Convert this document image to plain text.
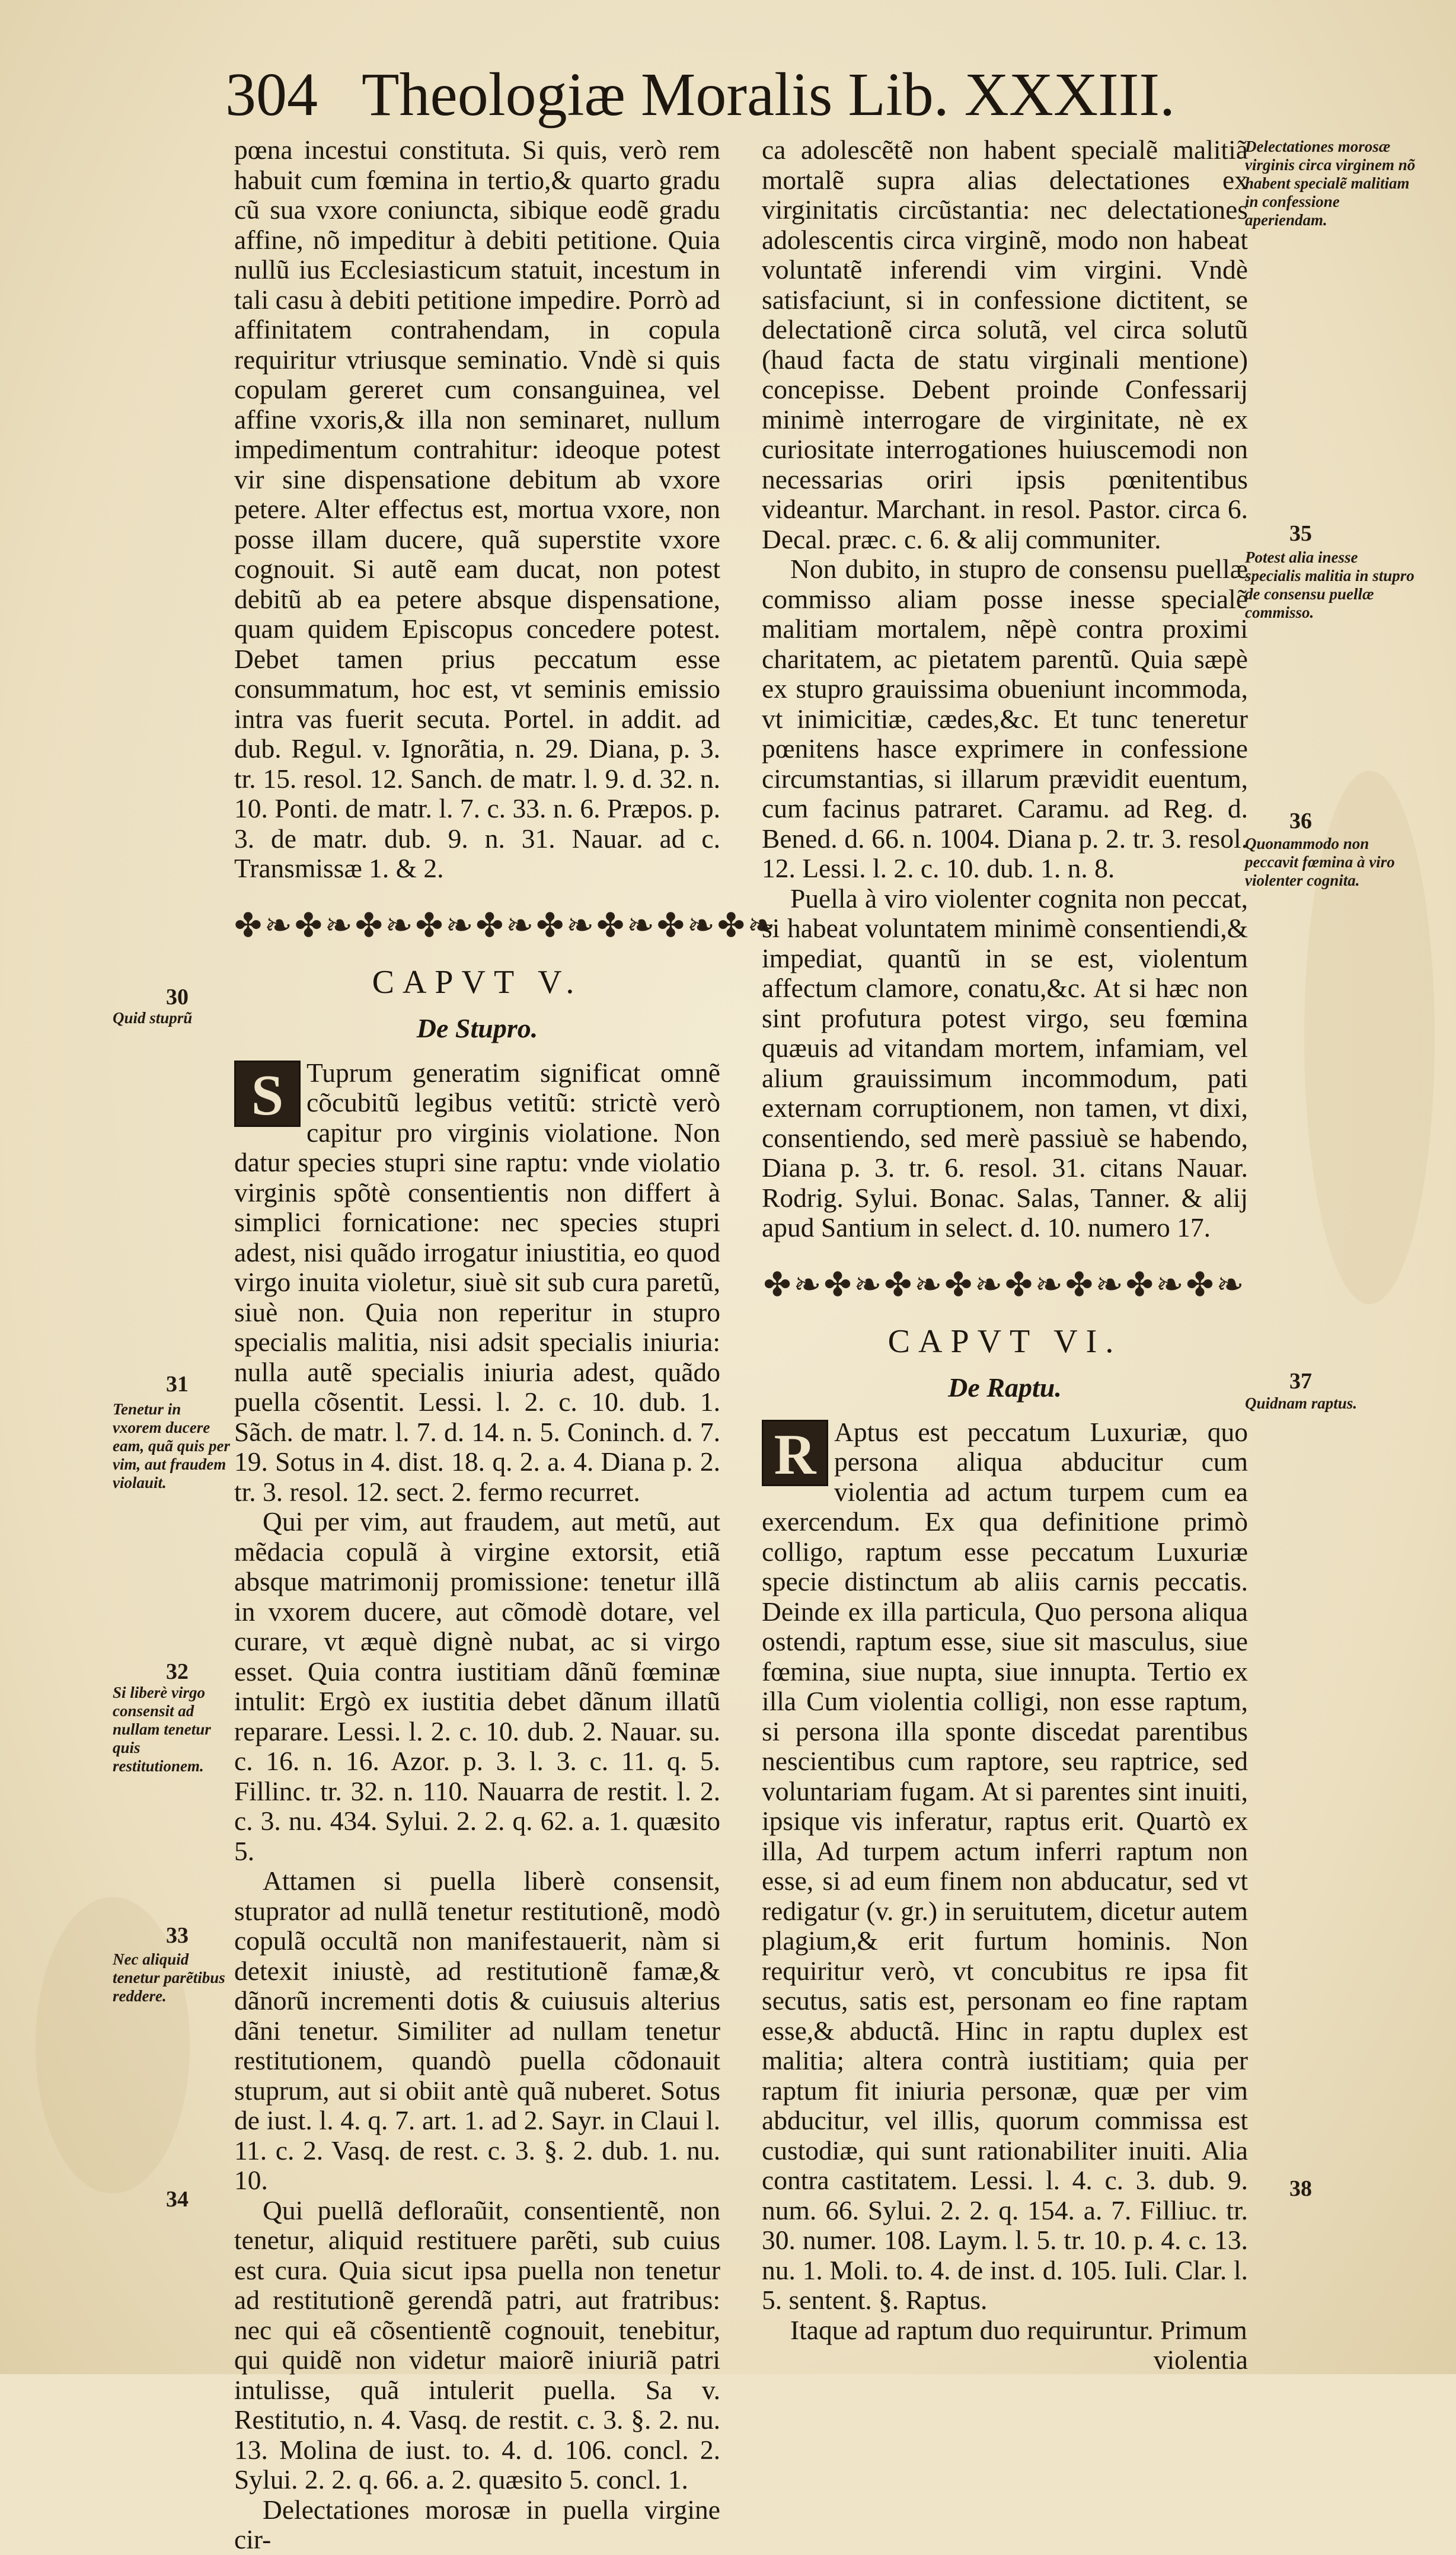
304 Theologiæ Moralis Lib. XXXIII.

pœna incestui constituta. Si quis, verò rem habuit cum fœmina in tertio,& quarto gradu cũ sua vxore coniuncta, sibique eodẽ gradu affine, nõ impeditur à debiti petitione. Quia nullũ ius Ecclesiasticum statuit, incestum in tali casu à debiti petitione impedire. Porrò ad affinitatem contrahendam, in copula requiritur vtriusque seminatio. Vndè si quis copulam gereret cum consanguinea, vel affine vxoris,& illa non seminaret, nullum impedimentum contrahitur: ideoque potest vir sine dispensatione debitum ab vxore petere. Alter effectus est, mortua vxore, non posse illam ducere, quã superstite vxore cognouit. Si autẽ eam ducat, non potest debitũ ab ea petere absque dispensatione, quam quidem Episcopus concedere potest. Debet tamen prius peccatum esse consummatum, hoc est, vt seminis emissio intra vas fuerit secuta. Portel. in addit. ad dub. Regul. v. Ignorãtia, n. 29. Diana, p. 3. tr. 15. resol. 12. Sanch. de matr. l. 9. d. 32. n. 10. Ponti. de matr. l. 7. c. 33. n. 6. Præpos. p. 3. de matr. dub. 9. n. 31. Nauar. ad c. Transmissæ 1. & 2.

✤❧✤❧✤❧✤❧✤❧✤❧✤❧✤❧✤❧
CAPVT V.
De Stupro.

S Tuprum generatim significat omnẽ cõcubitũ legibus vetitũ: strictè verò capitur pro virginis violatione. Non datur species stupri sine raptu: vnde violatio virginis spõtè consentientis non differt à simplici fornicatione: nec species stupri adest, nisi quãdo irrogatur iniustitia, eo quod virgo inuita violetur, siuè sit sub cura paretũ, siuè non. Quia non reperitur in stupro specialis malitia, nisi adsit specialis iniuria: nulla autẽ specialis iniuria adest, quãdo puella cõsentit. Lessi. l. 2. c. 10. dub. 1. Sãch. de matr. l. 7. d. 14. n. 5. Coninch. d. 7. 19. Sotus in 4. dist. 18. q. 2. a. 4. Diana p. 2. tr. 3. resol. 12. sect. 2. fermo recurret.

Qui per vim, aut fraudem, aut metũ, aut mẽdacia copulã à virgine extorsit, etiã absque matrimonij promissione: tenetur illã in vxorem ducere, aut cõmodè dotare, vel curare, vt æquè dignè nubat, ac si virgo esset. Quia contra iustitiam dãnũ fœminæ intulit: Ergò ex iustitia debet dãnum illatũ reparare. Lessi. l. 2. c. 10. dub. 2. Nauar. su. c. 16. n. 16. Azor. p. 3. l. 3. c. 11. q. 5. Fillinc. tr. 32. n. 110. Nauarra de restit. l. 2. c. 3. nu. 434. Sylui. 2. 2. q. 62. a. 1. quæsito 5.

Attamen si puella liberè consensit, stuprator ad nullã tenetur restitutionẽ, modò copulã occultã non manifestauerit, nàm si detexit iniustè, ad restitutionẽ famæ,& dãnorũ incrementi dotis & cuiusuis alterius dãni tenetur. Similiter ad nullam tenetur restitutionem, quandò puella cõdonauit stuprum, aut si obiit antè quã nuberet. Sotus de iust. l. 4. q. 7. art. 1. ad 2. Sayr. in Claui l. 11. c. 2. Vasq. de rest. c. 3. §. 2. dub. 1. nu. 10.

Qui puellã defloraũit, consentientẽ, non tenetur, aliquid restituere parẽti, sub cuius est cura. Quia sicut ipsa puella non tenetur ad restitutionẽ gerendã patri, aut fratribus: nec qui eã cõsentientẽ cognouit, tenebitur, qui quidẽ non videtur maiorẽ iniuriã patri intulisse, quã intulerit puella. Sa v. Restitutio, n. 4. Vasq. de restit. c. 3. §. 2. nu. 13. Molina de iust. to. 4. d. 106. concl. 2. Sylui. 2. 2. q. 66. a. 2. quæsito 5. concl. 1.

Delectationes morosæ in puella virgine cir-

ca adolescẽtẽ non habent specialẽ malitiã mortalẽ supra alias delectationes ex virginitatis circũstantia: nec delectationes adolescentis circa virginẽ, modo non habeat voluntatẽ inferendi vim virgini. Vndè satisfaciunt, si in confessione dictitent, se delectationẽ circa solutã, vel circa solutũ (haud facta de statu virginali mentione) concepisse. Debent proinde Confessarij minimè interrogare de virginitate, nè ex curiositate interrogationes huiuscemodi non necessarias oriri ipsis pœnitentibus videantur. Marchant. in resol. Pastor. circa 6. Decal. præc. c. 6. & alij communiter.

Non dubito, in stupro de consensu puellæ commisso aliam posse inesse specialẽ malitiam mortalem, nẽpè contra proximi charitatem, ac pietatem parentũ. Quia sæpè ex stupro grauissima obueniunt incommoda, vt inimicitiæ, cædes,&c. Et tunc teneretur pœnitens hasce exprimere in confessione circumstantias, si illarum prævidit euentum, cum facinus patraret. Caramu. ad Reg. d. Bened. d. 66. n. 1004. Diana p. 2. tr. 3. resol. 12. Lessi. l. 2. c. 10. dub. 1. n. 8.

Puella à viro violenter cognita non peccat, si habeat voluntatem minimè consentiendi,& impediat, quantũ in se est, violentum affectum clamore, conatu,&c. At si hæc non sint profutura potest virgo, seu fœmina quæuis ad vitandam mortem, infamiam, vel alium grauissimum incommodum, pati externam corruptionem, non tamen, vt dixi, consentiendo, sed merè passiuè se habendo, Diana p. 3. tr. 6. resol. 31. citans Nauar. Rodrig. Sylui. Bonac. Salas, Tanner. & alij apud Santium in select. d. 10. numero 17.

✤❧✤❧✤❧✤❧✤❧✤❧✤❧✤❧
CAPVT VI.
De Raptu.

R Aptus est peccatum Luxuriæ, quo persona aliqua abducitur cum violentia ad actum turpem cum ea exercendum. Ex qua definitione primò colligo, raptum esse peccatum Luxuriæ specie distinctum ab aliis carnis peccatis. Deinde ex illa particula, Quo persona aliqua ostendi, raptum esse, siue sit masculus, siue fœmina, siue nupta, siue innupta. Tertio ex illa Cum violentia colligi, non esse raptum, si persona illa sponte discedat parentibus nescientibus cum raptore, seu raptrice, sed voluntariam fugam. At si parentes sint inuiti, ipsique vis inferatur, raptus erit. Quartò ex illa, Ad turpem actum inferri raptum non esse, si ad eum finem non abducatur, sed vt redigatur (v. gr.) in seruitutem, dicetur autem plagium,& erit furtum hominis. Non requiritur verò, vt concubitus re ipsa fit secutus, satis est, personam eo fine raptam esse,& abductã. Hinc in raptu duplex est malitia; altera contrà iustitiam; quia per raptum fit iniuria personæ, quæ per vim abducitur, vel illis, quorum commissa est custodiæ, qui sunt rationabiliter inuiti. Alia contra castitatem. Lessi. l. 4. c. 3. dub. 9. num. 66. Sylui. 2. 2. q. 154. a. 7. Filliuc. tr. 30. numer. 108. Laym. l. 5. tr. 10. p. 4. c. 13. nu. 1. Moli. to. 4. de inst. d. 105. Iuli. Clar. l. 5. sentent. §. Raptus.

Itaque ad raptum duo requiruntur. Primum

violentia

30
Quid stuprũ
31
Tenetur in vxorem ducere eam, quã quis per vim, aut fraudem violauit.
32
Si liberè virgo consensit ad nullam tenetur quis restitutionem.
33
Nec aliquid tenetur parẽtibus reddere.
34
Delectationes morosæ virginis circa virginem nõ habent specialẽ malitiam in confessione aperiendam.
35
Potest alia inesse specialis malitia in stupro de consensu puellæ commisso.
36
Quonammodo non peccavit fœmina à viro violenter cognita.
37
Quidnam raptus.
38
